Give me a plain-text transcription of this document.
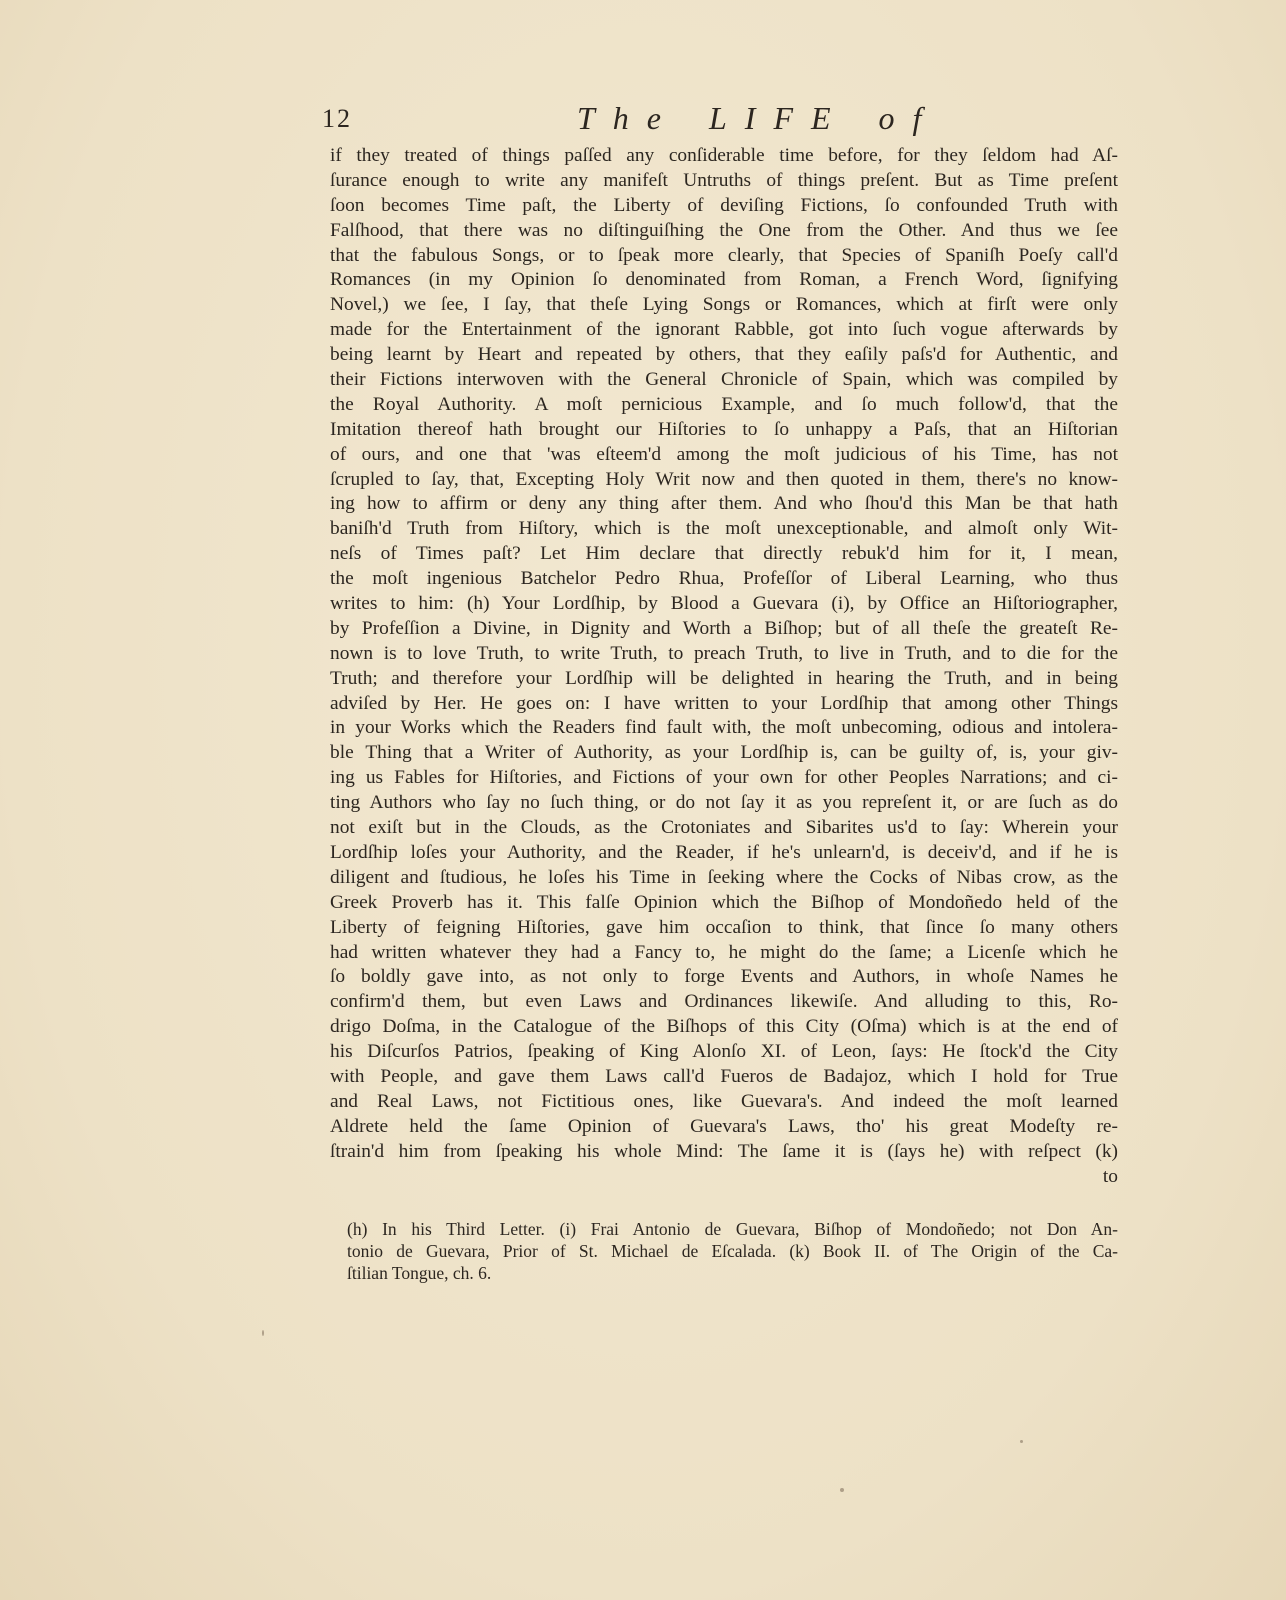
12	The LIFE of
if they treated of things paſſed any conſiderable time before, for they ſeldom had Aſ-
ſurance enough to write any manifeſt Untruths of things preſent. But as Time preſent
ſoon becomes Time paſt, the Liberty of deviſing Fictions, ſo confounded Truth with
Falſhood, that there was no diſtinguiſhing the One from the Other. And thus we ſee
that the fabulous Songs, or to ſpeak more clearly, that Species of Spaniſh Poeſy call'd
Romances (in my Opinion ſo denominated from Roman, a French Word, ſignifying
Novel,) we ſee, I ſay, that theſe Lying Songs or Romances, which at firſt were only
made for the Entertainment of the ignorant Rabble, got into ſuch vogue afterwards by
being learnt by Heart and repeated by others, that they eaſily paſs'd for Authentic, and
their Fictions interwoven with the General Chronicle of Spain, which was compiled by
the Royal Authority. A moſt pernicious Example, and ſo much follow'd, that the
Imitation thereof hath brought our Hiſtories to ſo unhappy a Paſs, that an Hiſtorian
of ours, and one that 'was eſteem'd among the moſt judicious of his Time, has not
ſcrupled to ſay, that, Excepting Holy Writ now and then quoted in them, there's no know-
ing how to affirm or deny any thing after them. And who ſhou'd this Man be that hath
baniſh'd Truth from Hiſtory, which is the moſt unexceptionable, and almoſt only Wit-
neſs of Times paſt? Let Him declare that directly rebuk'd him for it, I mean,
the moſt ingenious Batchelor Pedro Rhua, Profeſſor of Liberal Learning, who thus
writes to him: (h) Your Lordſhip, by Blood a Guevara (i), by Office an Hiſtoriographer,
by Profeſſion a Divine, in Dignity and Worth a Biſhop; but of all theſe the greateſt Re-
nown is to love Truth, to write Truth, to preach Truth, to live in Truth, and to die for the
Truth; and therefore your Lordſhip will be delighted in hearing the Truth, and in being
adviſed by Her. He goes on: I have written to your Lordſhip that among other Things
in your Works which the Readers find fault with, the moſt unbecoming, odious and intolera-
ble Thing that a Writer of Authority, as your Lordſhip is, can be guilty of, is, your giv-
ing us Fables for Hiſtories, and Fictions of your own for other Peoples Narrations; and ci-
ting Authors who ſay no ſuch thing, or do not ſay it as you repreſent it, or are ſuch as do
not exiſt but in the Clouds, as the Crotoniates and Sibarites us'd to ſay: Wherein your
Lordſhip loſes your Authority, and the Reader, if he's unlearn'd, is deceiv'd, and if he is
diligent and ſtudious, he loſes his Time in ſeeking where the Cocks of Nibas crow, as the
Greek Proverb has it. This falſe Opinion which the Biſhop of Mondoñedo held of the
Liberty of feigning Hiſtories, gave him occaſion to think, that ſince ſo many others
had written whatever they had a Fancy to, he might do the ſame; a Licenſe which he
ſo boldly gave into, as not only to forge Events and Authors, in whoſe Names he
confirm'd them, but even Laws and Ordinances likewiſe. And alluding to this, Ro-
drigo Doſma, in the Catalogue of the Biſhops of this City (Oſma) which is at the end of
his Diſcurſos Patrios, ſpeaking of King Alonſo XI. of Leon, ſays: He ſtock'd the City
with People, and gave them Laws call'd Fueros de Badajoz, which I hold for True
and Real Laws, not Fictitious ones, like Guevara's. And indeed the moſt learned
Aldrete held the ſame Opinion of Guevara's Laws, tho' his great Modeſty re-
ſtrain'd him from ſpeaking his whole Mind: The ſame it is (ſays he) with reſpect (k)
to
(h) In his Third Letter. (i) Frai Antonio de Guevara, Biſhop of Mondoñedo; not Don An-
tonio de Guevara, Prior of St. Michael de Eſcalada. (k) Book II. of The Origin of the Ca-
ſtilian Tongue, ch. 6.
